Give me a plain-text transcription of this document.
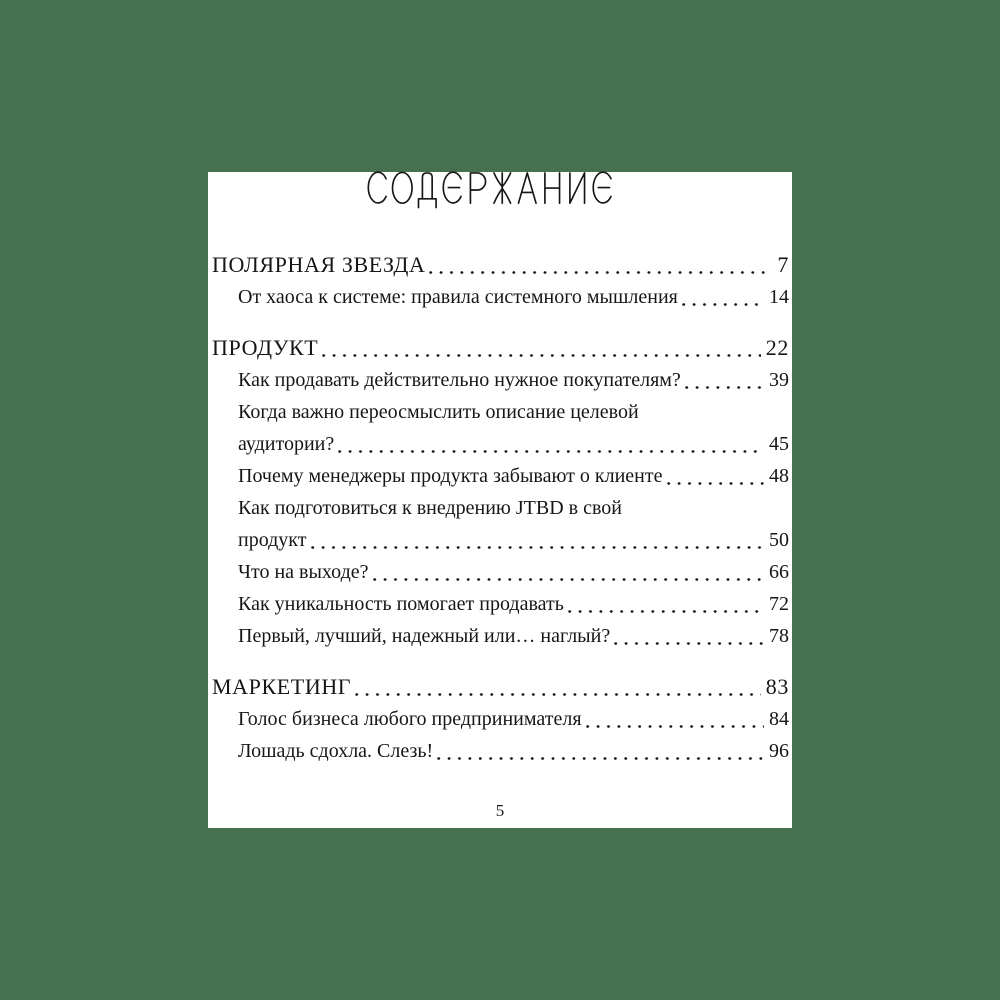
ПОЛЯРНАЯ ЗВЕЗДА	7
От хаоса к системе: правила системного мышления	14
ПРОДУКТ	22
Как продавать действительно нужное покупателям?	39
Когда важно переосмыслить описание целевой
аудитории?	45
Почему менеджеры продукта забывают о клиенте	48
Как подготовиться к внедрению JTBD в свой
продукт	50
Что на выходе?	66
Как уникальность помогает продавать	72
Первый, лучший, надежный или… наглый?	78
МАРКЕТИНГ	83
Голос бизнеса любого предпринимателя	84
Лошадь сдохла. Слезь!	96
5
